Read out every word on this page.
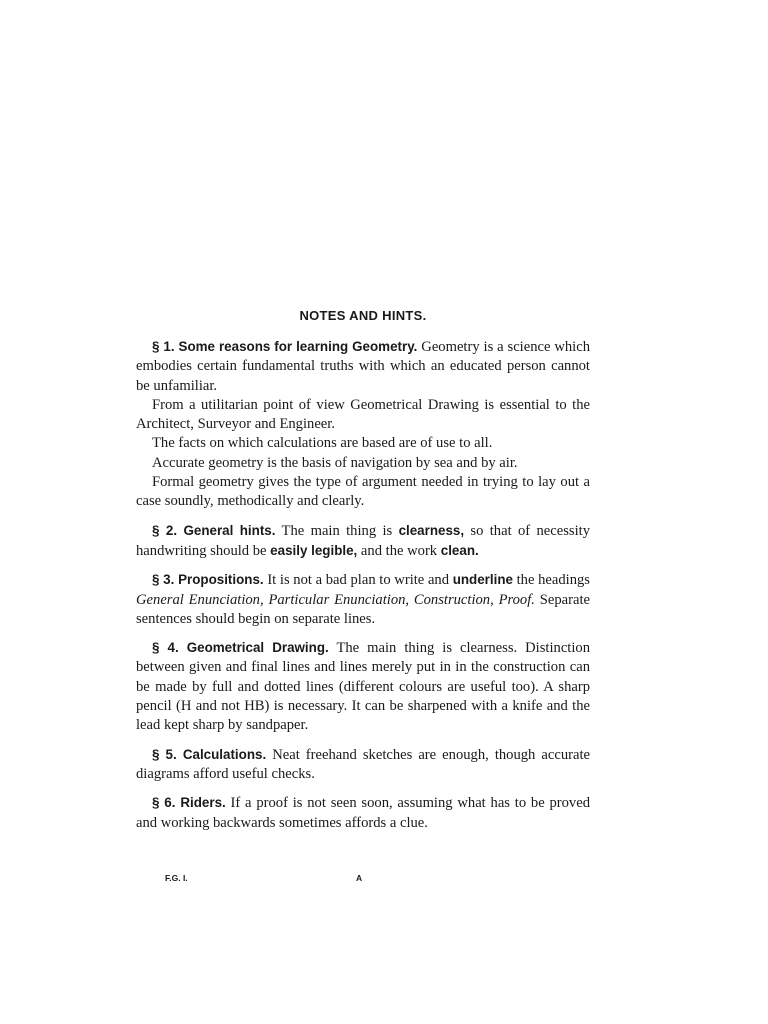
NOTES AND HINTS.

§ 1. Some reasons for learning Geometry. Geometry is a science which embodies certain fundamental truths with which an educated person cannot be unfamiliar.

From a utilitarian point of view Geometrical Drawing is essential to the Architect, Surveyor and Engineer.

The facts on which calculations are based are of use to all.

Accurate geometry is the basis of navigation by sea and by air.

Formal geometry gives the type of argument needed in trying to lay out a case soundly, methodically and clearly.

§ 2. General hints. The main thing is clearness, so that of necessity handwriting should be easily legible, and the work clean.

§ 3. Propositions. It is not a bad plan to write and underline the headings General Enunciation, Particular Enunciation, Construction, Proof. Separate sentences should begin on separate lines.

§ 4. Geometrical Drawing. The main thing is clearness. Distinction between given and final lines and lines merely put in in the construction can be made by full and dotted lines (different colours are useful too). A sharp pencil (H and not HB) is necessary. It can be sharpened with a knife and the lead kept sharp by sandpaper.

§ 5. Calculations. Neat freehand sketches are enough, though accurate diagrams afford useful checks.

§ 6. Riders. If a proof is not seen soon, assuming what has to be proved and working backwards sometimes affords a clue.

F.G. I.	A
